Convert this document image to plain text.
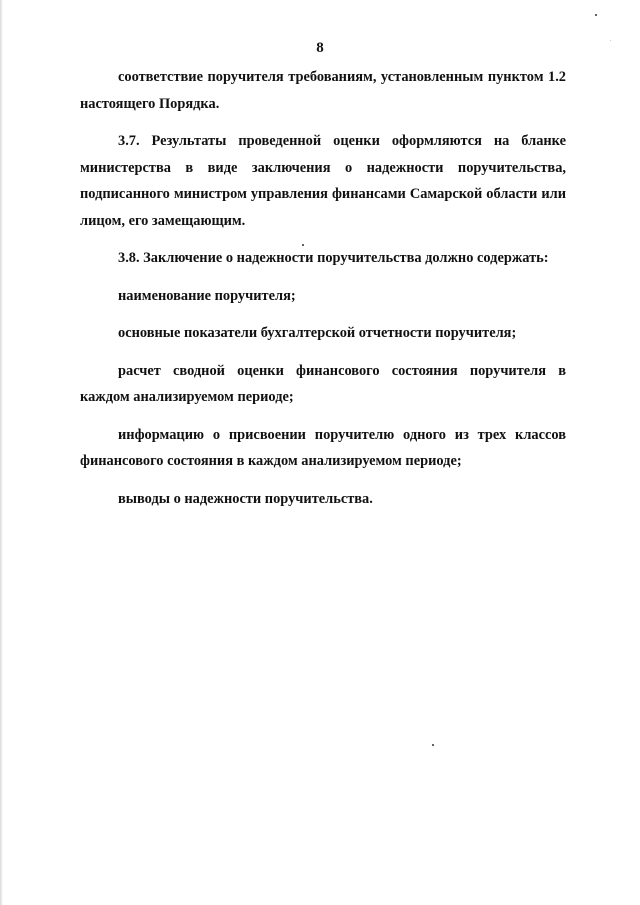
8

соответствие поручителя требованиям, установленным пунктом 1.2 настоящего Порядка.

3.7. Результаты проведенной оценки оформляются на бланке министерства в виде заключения о надежности поручительства, подписанного министром управления финансами Самарской области или лицом, его замещающим.

3.8. Заключение о надежности поручительства должно содержать:

наименование поручителя;

основные показатели бухгалтерской отчетности поручителя;

расчет сводной оценки финансового состояния поручителя в каждом анализируемом периоде;

информацию о присвоении поручителю одного из трех классов финансового состояния в каждом анализируемом периоде;

выводы о надежности поручительства.
